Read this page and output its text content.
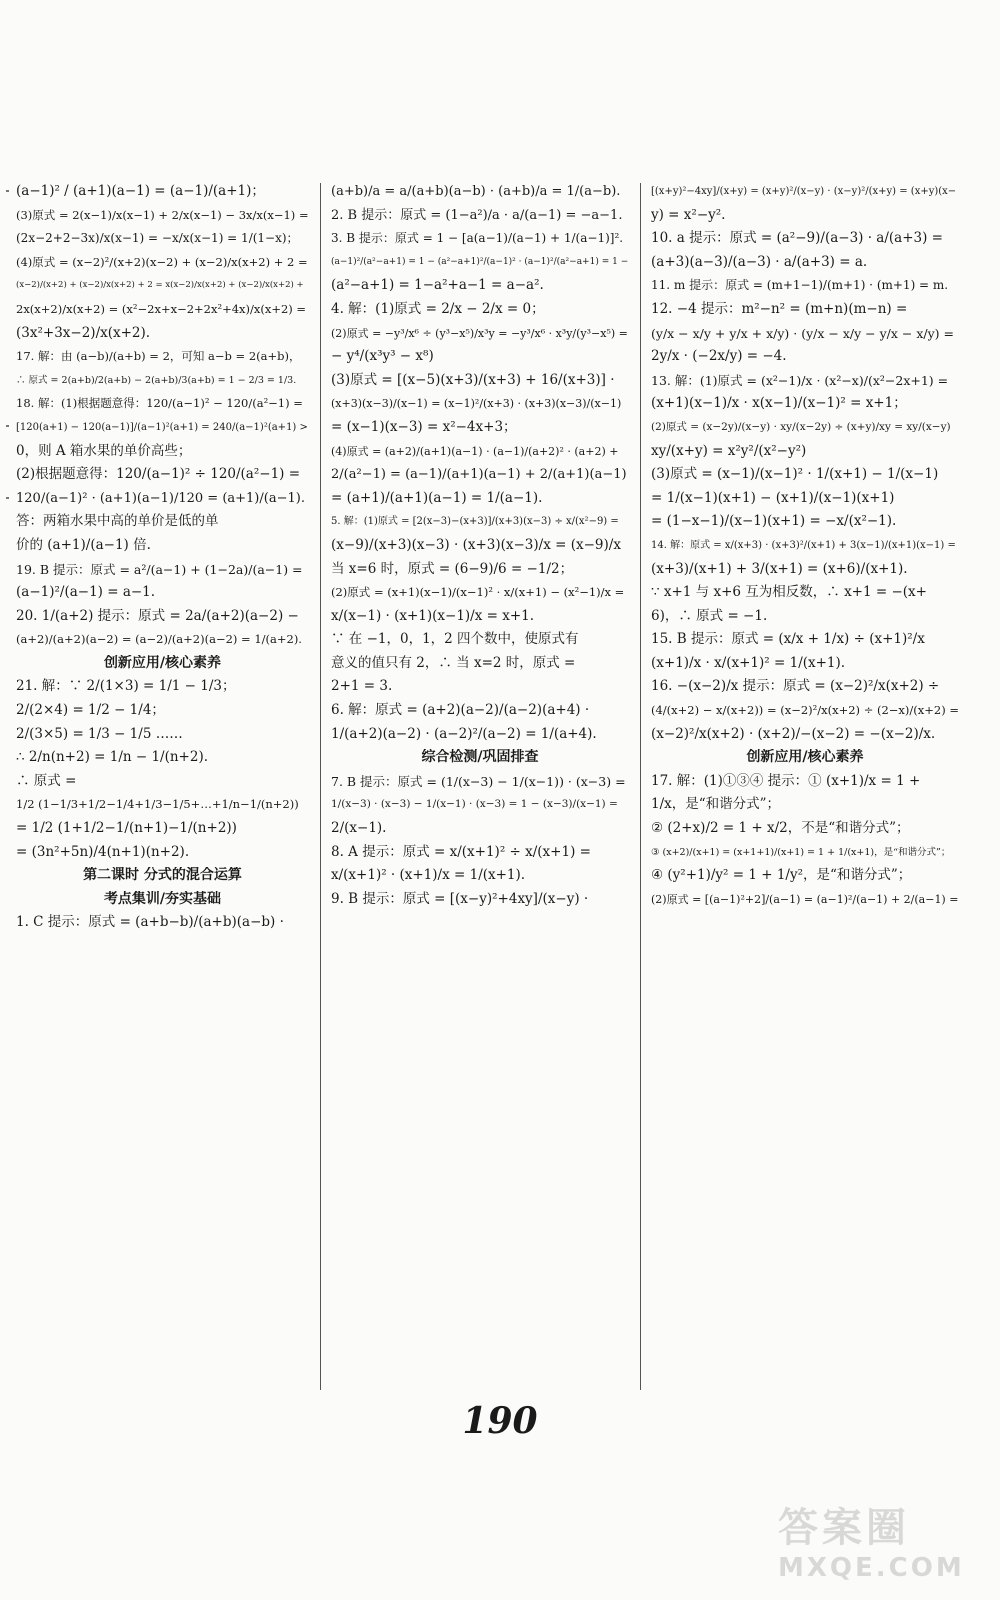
(a−1)² / (a+1)(a−1) = (a−1)/(a+1)；
(3)原式 = 2(x−1)/x(x−1) + 2/x(x−1) − 3x/x(x−1) =
(2x−2+2−3x)/x(x−1) = −x/x(x−1) = 1/(1−x)；
(4)原式 = (x−2)²/(x+2)(x−2) + (x−2)/x(x+2) + 2 =
(x−2)/(x+2) + (x−2)/x(x+2) + 2 = x(x−2)/x(x+2) + (x−2)/x(x+2) +
2x(x+2)/x(x+2) = (x²−2x+x−2+2x²+4x)/x(x+2) =
(3x²+3x−2)/x(x+2).
17. 解：由 (a−b)/(a+b) = 2，可知 a−b = 2(a+b)，
∴ 原式 = 2(a+b)/2(a+b) − 2(a+b)/3(a+b) = 1 − 2/3 = 1/3.
18. 解：(1)根据题意得：120/(a−1)² − 120/(a²−1) =
[120(a+1) − 120(a−1)]/(a−1)²(a+1) = 240/(a−1)²(a+1) >
0，则 A 箱水果的单价高些；
(2)根据题意得：120/(a−1)² ÷ 120/(a²−1) =
120/(a−1)² · (a+1)(a−1)/120 = (a+1)/(a−1).
答：两箱水果中高的单价是低的单
价的 (a+1)/(a−1) 倍.
19. B 提示：原式 = a²/(a−1) + (1−2a)/(a−1) =
(a−1)²/(a−1) = a−1.
20. 1/(a+2) 提示：原式 = 2a/(a+2)(a−2) −
(a+2)/(a+2)(a−2) = (a−2)/(a+2)(a−2) = 1/(a+2).
创新应用/核心素养
21. 解：∵ 2/(1×3) = 1/1 − 1/3；
2/(2×4) = 1/2 − 1/4；
2/(3×5) = 1/3 − 1/5 ……
∴ 2/n(n+2) = 1/n − 1/(n+2).
∴ 原式 =
1/2 (1−1/3+1/2−1/4+1/3−1/5+…+1/n−1/(n+2))
= 1/2 (1+1/2−1/(n+1)−1/(n+2))
= (3n²+5n)/4(n+1)(n+2).
第二课时 分式的混合运算
考点集训/夯实基础
1. C 提示：原式 = (a+b−b)/(a+b)(a−b) ·
(a+b)/a = a/(a+b)(a−b) · (a+b)/a = 1/(a−b).
2. B 提示：原式 = (1−a²)/a · a/(a−1) = −a−1.
3. B 提示：原式 = 1 − [a(a−1)/(a−1) + 1/(a−1)]².
(a−1)²/(a²−a+1) = 1 − (a²−a+1)²/(a−1)² · (a−1)²/(a²−a+1) = 1 −
(a²−a+1) = 1−a²+a−1 = a−a².
4. 解：(1)原式 = 2/x − 2/x = 0；
(2)原式 = −y³/x⁶ ÷ (y³−x⁵)/x³y = −y³/x⁶ · x³y/(y³−x⁵) =
− y⁴/(x³y³ − x⁸)
(3)原式 = [(x−5)(x+3)/(x+3) + 16/(x+3)] ·
(x+3)(x−3)/(x−1) = (x−1)²/(x+3) · (x+3)(x−3)/(x−1)
= (x−1)(x−3) = x²−4x+3；
(4)原式 = (a+2)/(a+1)(a−1) · (a−1)/(a+2)² · (a+2) +
2/(a²−1) = (a−1)/(a+1)(a−1) + 2/(a+1)(a−1)
= (a+1)/(a+1)(a−1) = 1/(a−1).
5. 解：(1)原式 = [2(x−3)−(x+3)]/(x+3)(x−3) ÷ x/(x²−9) =
(x−9)/(x+3)(x−3) · (x+3)(x−3)/x = (x−9)/x
当 x=6 时，原式 = (6−9)/6 = −1/2；
(2)原式 = (x+1)(x−1)/(x−1)² · x/(x+1) − (x²−1)/x =
x/(x−1) · (x+1)(x−1)/x = x+1.
∵ 在 −1，0，1，2 四个数中，使原式有
意义的值只有 2，∴ 当 x=2 时，原式 =
2+1 = 3.
6. 解：原式 = (a+2)(a−2)/(a−2)(a+4) ·
1/(a+2)(a−2) · (a−2)²/(a−2) = 1/(a+4).
综合检测/巩固排查
7. B 提示：原式 = (1/(x−3) − 1/(x−1)) · (x−3) =
1/(x−3) · (x−3) − 1/(x−1) · (x−3) = 1 − (x−3)/(x−1) =
2/(x−1).
8. A 提示：原式 = x/(x+1)² ÷ x/(x+1) =
x/(x+1)² · (x+1)/x = 1/(x+1).
9. B 提示：原式 = [(x−y)²+4xy]/(x−y) ·
[(x+y)²−4xy]/(x+y) = (x+y)²/(x−y) · (x−y)²/(x+y) = (x+y)(x−
y) = x²−y².
10. a 提示：原式 = (a²−9)/(a−3) · a/(a+3) =
(a+3)(a−3)/(a−3) · a/(a+3) = a.
11. m 提示：原式 = (m+1−1)/(m+1) · (m+1) = m.
12. −4 提示：m²−n² = (m+n)(m−n) =
(y/x − x/y + y/x + x/y) · (y/x − x/y − y/x − x/y) =
2y/x · (−2x/y) = −4.
13. 解：(1)原式 = (x²−1)/x · (x²−x)/(x²−2x+1) =
(x+1)(x−1)/x · x(x−1)/(x−1)² = x+1；
(2)原式 = (x−2y)/(x−y) · xy/(x−2y) ÷ (x+y)/xy = xy/(x−y)
xy/(x+y) = x²y²/(x²−y²)
(3)原式 = (x−1)/(x−1)² · 1/(x+1) − 1/(x−1)
= 1/(x−1)(x+1) − (x+1)/(x−1)(x+1)
= (1−x−1)/(x−1)(x+1) = −x/(x²−1).
14. 解：原式 = x/(x+3) · (x+3)²/(x+1) + 3(x−1)/(x+1)(x−1) =
(x+3)/(x+1) + 3/(x+1) = (x+6)/(x+1).
∵ x+1 与 x+6 互为相反数，∴ x+1 = −(x+
6)，∴ 原式 = −1.
15. B 提示：原式 = (x/x + 1/x) ÷ (x+1)²/x
(x+1)/x · x/(x+1)² = 1/(x+1).
16. −(x−2)/x 提示：原式 = (x−2)²/x(x+2) ÷
(4/(x+2) − x/(x+2)) = (x−2)²/x(x+2) ÷ (2−x)/(x+2) =
(x−2)²/x(x+2) · (x+2)/−(x−2) = −(x−2)/x.
创新应用/核心素养
17. 解：(1)①③④ 提示：① (x+1)/x = 1 +
1/x，是“和谐分式”；
② (2+x)/2 = 1 + x/2，不是“和谐分式”；
③ (x+2)/(x+1) = (x+1+1)/(x+1) = 1 + 1/(x+1)，是“和谐分式”；
④ (y²+1)/y² = 1 + 1/y²，是“和谐分式”；
(2)原式 = [(a−1)²+2]/(a−1) = (a−1)²/(a−1) + 2/(a−1) =
190
答案圈
MXQE.COM
